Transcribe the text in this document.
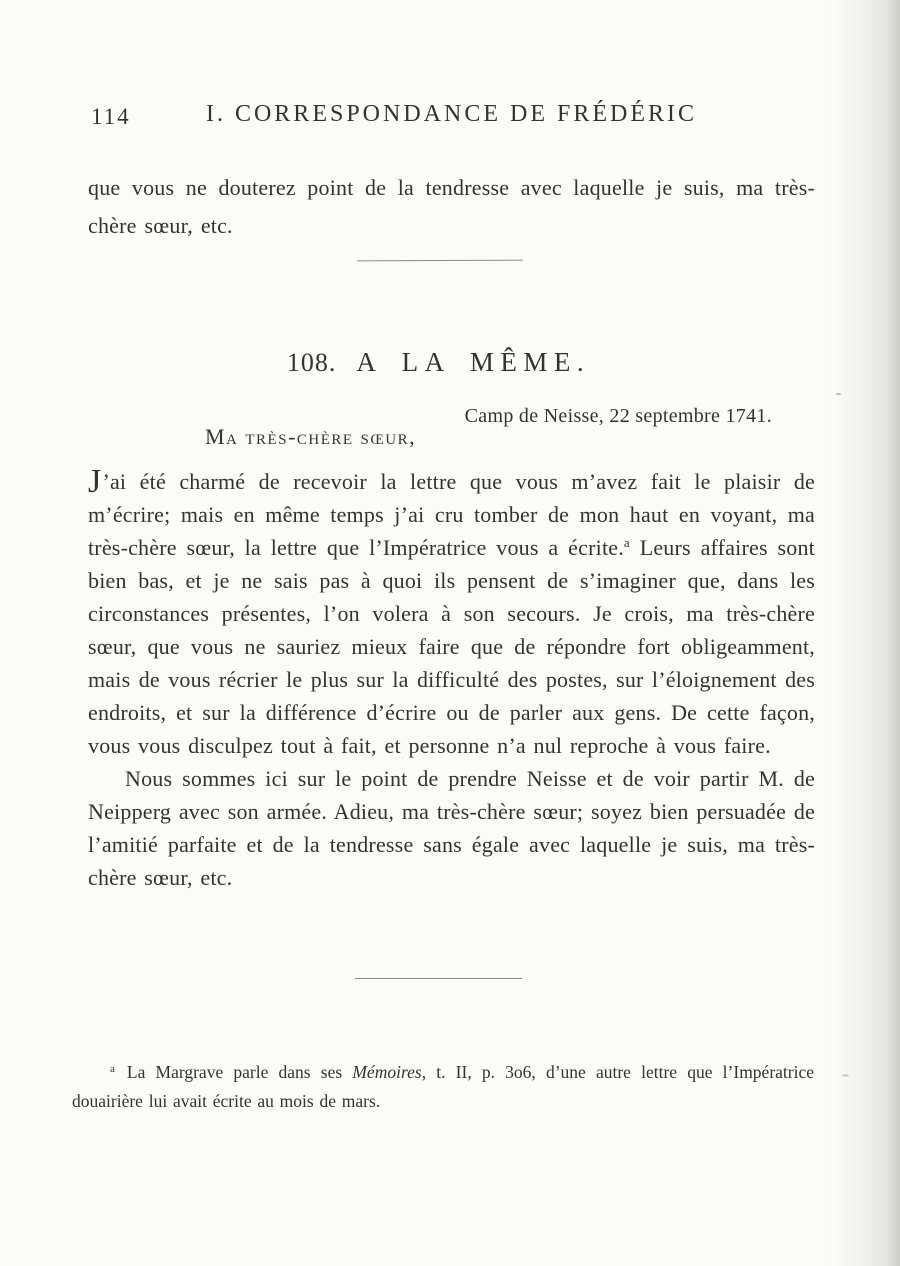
114	I. CORRESPONDANCE DE FRÉDÉRIC

que vous ne douterez point de la tendresse avec laquelle je suis, ma très-chère sœur, etc.

108. A LA MÊME.
Camp de Neisse, 22 septembre 1741.
Ma très-chère sœur,

J’ai été charmé de recevoir la lettre que vous m’avez fait le plaisir de m’écrire; mais en même temps j’ai cru tomber de mon haut en voyant, ma très-chère sœur, la lettre que l’Impératrice vous a écrite.$^a$ Leurs affaires sont bien bas, et je ne sais pas à quoi ils pensent de s’imaginer que, dans les circonstances présentes, l’on volera à son secours. Je crois, ma très-chère sœur, que vous ne sauriez mieux faire que de répondre fort obligeamment, mais de vous récrier le plus sur la difficulté des postes, sur l’éloignement des endroits, et sur la différence d’écrire ou de parler aux gens. De cette façon, vous vous disculpez tout à fait, et personne n’a nul reproche à vous faire.

Nous sommes ici sur le point de prendre Neisse et de voir partir M. de Neipperg avec son armée. Adieu, ma très-chère sœur; soyez bien persuadée de l’amitié parfaite et de la tendresse sans égale avec laquelle je suis, ma très-chère sœur, etc.

$^a$ La Margrave parle dans ses Mémoires, t. II, p. 3o6, d’une autre lettre que l’Impératrice douairière lui avait écrite au mois de mars.
